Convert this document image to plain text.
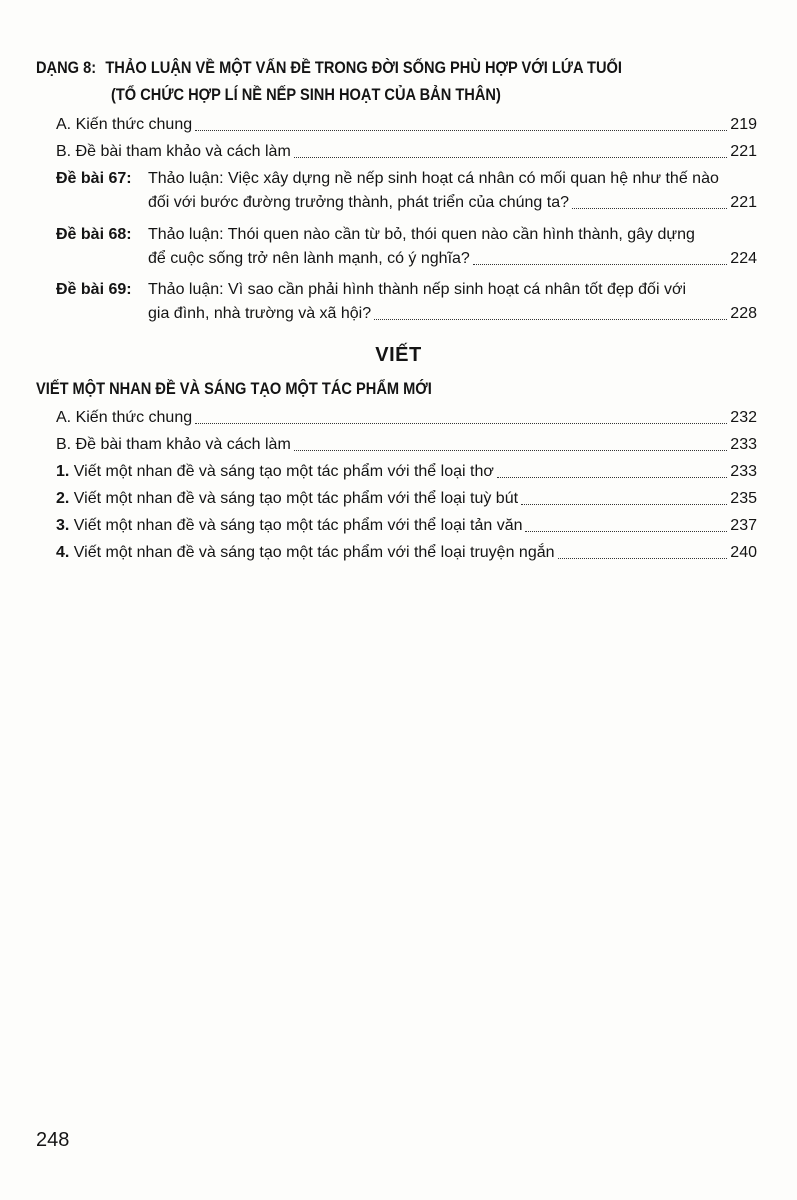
DẠNG 8: THẢO LUẬN VỀ MỘT VẤN ĐỀ TRONG ĐỜI SỐNG PHÙ HỢP VỚI LỨA TUỔI
(TỔ CHỨC HỢP LÍ NỀ NẾP SINH HOẠT CỦA BẢN THÂN)
A. Kiến thức chung	219
B. Đề bài tham khảo và cách làm	221
Đề bài 67: Thảo luận: Việc xây dựng nề nếp sinh hoạt cá nhân có mối quan hệ như thế nào
đối với bước đường trưởng thành, phát triển của chúng ta?	221
Đề bài 68: Thảo luận: Thói quen nào cần từ bỏ, thói quen nào cần hình thành, gây dựng
để cuộc sống trở nên lành mạnh, có ý nghĩa?	224
Đề bài 69: Thảo luận: Vì sao cần phải hình thành nếp sinh hoạt cá nhân tốt đẹp đối với
gia đình, nhà trường và xã hội?	228
VIẾT
VIẾT MỘT NHAN ĐỀ VÀ SÁNG TẠO MỘT TÁC PHẨM MỚI
A. Kiến thức chung	232
B. Đề bài tham khảo và cách làm	233
1. Viết một nhan đề và sáng tạo một tác phẩm với thể loại thơ	233
2. Viết một nhan đề và sáng tạo một tác phẩm với thể loại tuỳ bút	235
3. Viết một nhan đề và sáng tạo một tác phẩm với thể loại tản văn	237
4. Viết một nhan đề và sáng tạo một tác phẩm với thể loại truyện ngắn	240
248
